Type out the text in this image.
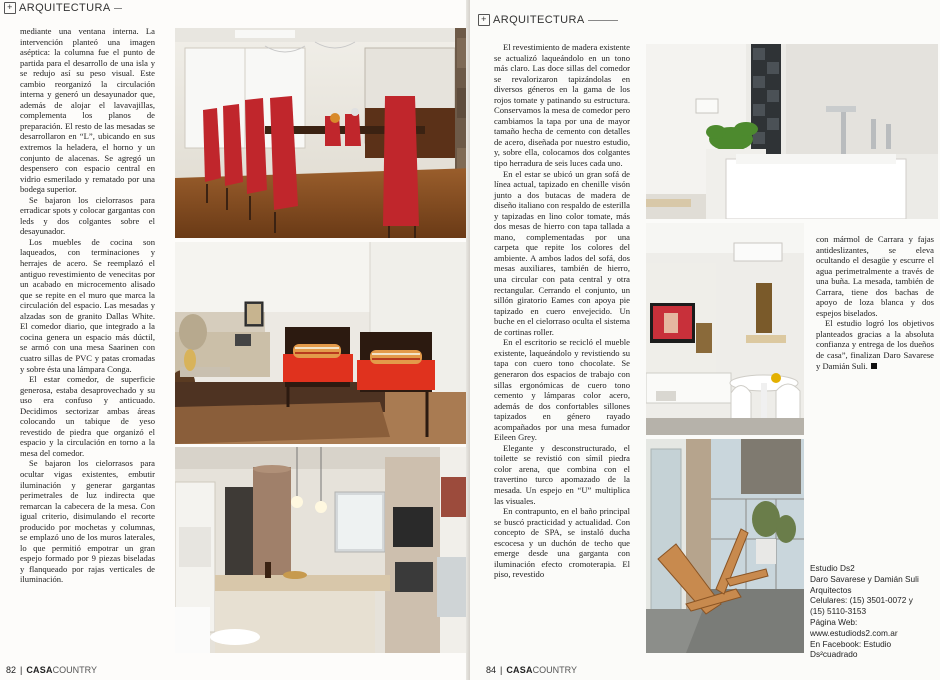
+ ARQUITECTURA

mediante una ventana interna. La intervención planteó una imagen aséptica: la columna fue el punto de partida para el desarrollo de una isla y se redujo así su peso visual. Este cambio reorganizó la circulación interna y generó un desayunador que, además de alojar el lavavajillas, complementa los planos de preparación. El resto de las mesadas se desarrollaron en “L”, ubicando en sus extremos la heladera, el horno y un conjunto de alacenas. Se agregó un despensero con espacio central en vidrio esmerilado y rematado por una bodega superior.

Se bajaron los cielorrasos para erradicar spots y colocar gargantas con leds y dos colgantes sobre el desayunador.

Los muebles de cocina son laqueados, con terminaciones y herrajes de acero. Se reemplazó el antiguo revestimiento de venecitas por un acabado en microcemento alisado que se repite en el muro que marca la circulación del espacio. Las mesadas y alzadas son de granito Dallas White. El comedor diario, que integrado a la cocina genera un espacio más dúctil, se armó con una mesa Saarinen con cuatro sillas de PVC y patas cromadas y sobre ésta una lámpara Conga.

El estar comedor, de superficie generosa, estaba desaprovechado y su uso era confuso y anticuado. Decidimos sectorizar ambas áreas colocando un tabique de yeso revestido de piedra que organizó el espacio y la circulación en torno a la mesa del comedor.

Se bajaron los cielorrasos para ocultar vigas existentes, embutir iluminación y generar gargantas perimetrales de luz indirecta que remarcan la cabecera de la mesa. Con igual criterio, disimulando el recorte producido por mochetas y columnas, se emplazó uno de los muros laterales, lo que permitió empotrar un gran espejo formado por 9 piezas biseladas y flanqueado por rajas verticales de iluminación.

82 | CASACOUNTRY
+ ARQUITECTURA

El revestimiento de madera existente se actualizó laqueándolo en un tono más claro. Las doce sillas del comedor se revalorizaron tapizándolas en diversos géneros en la gama de los rojos tomate y patinando su estructura. Conservamos la mesa de comedor pero cambiamos la tapa por una de mayor tamaño hecha de cemento con detalles de acero, diseñada por nuestro estudio, y, sobre ella, colocamos dos colgantes tipo herradura de seis luces cada uno.

En el estar se ubicó un gran sofá de línea actual, tapizado en chenille visón junto a dos butacas de madera de diseño italiano con respaldo de esterilla y tapizadas en lino color tomate, más dos mesas de hierro con tapa tallada a mano, complementadas por una carpeta que repite los colores del ambiente. A ambos lados del sofá, dos mesas auxiliares, también de hierro, una circular con pata central y otra rectangular. Cerrando el conjunto, un sillón giratorio Eames con apoya pie tapizado en cuero envejecido. Un buche en el cielorraso oculta el sistema de cortinas roller.

En el escritorio se recicló el mueble existente, laqueándolo y revistiendo su tapa con cuero tono chocolate. Se generaron dos espacios de trabajo con sillas ergonómicas de cuero tono cemento y lámparas color acero, además de dos confortables sillones tapizados en género rayado acompañados por una mesa fumador Eileen Grey.

Elegante y desconstructurado, el toilette se revistió con símil piedra color arena, que combina con el travertino turco apomazado de la mesada. Un espejo en “U” multiplica las visuales.

En contrapunto, en el baño principal se buscó practicidad y actualidad. Con concepto de SPA, se instaló ducha escocesa y un duchón de techo que emerge desde una garganta con iluminación efecto cromoterapia. El piso, revestido

con mármol de Carrara y fajas antideslizantes, se eleva ocultando el desagüe y escurre el agua perimetralmente a través de una buña. La mesada, también de Carrara, tiene dos bachas de apoyo de loza blanca y dos espejos biselados.

El estudio logró los objetivos planteados gracias a la absoluta confianza y entrega de los dueños de casa”, finalizan Daro Savarese y Damián Suli.

Estudio Ds2
Daro Savarese y Damián Suli
Arquitectos
Celulares: (15) 3501-0072 y
(15) 5110-3153
Página Web: www.estudiods2.com.ar
En Facebook: Estudio Ds²cuadrado
84 | CASACOUNTRY
